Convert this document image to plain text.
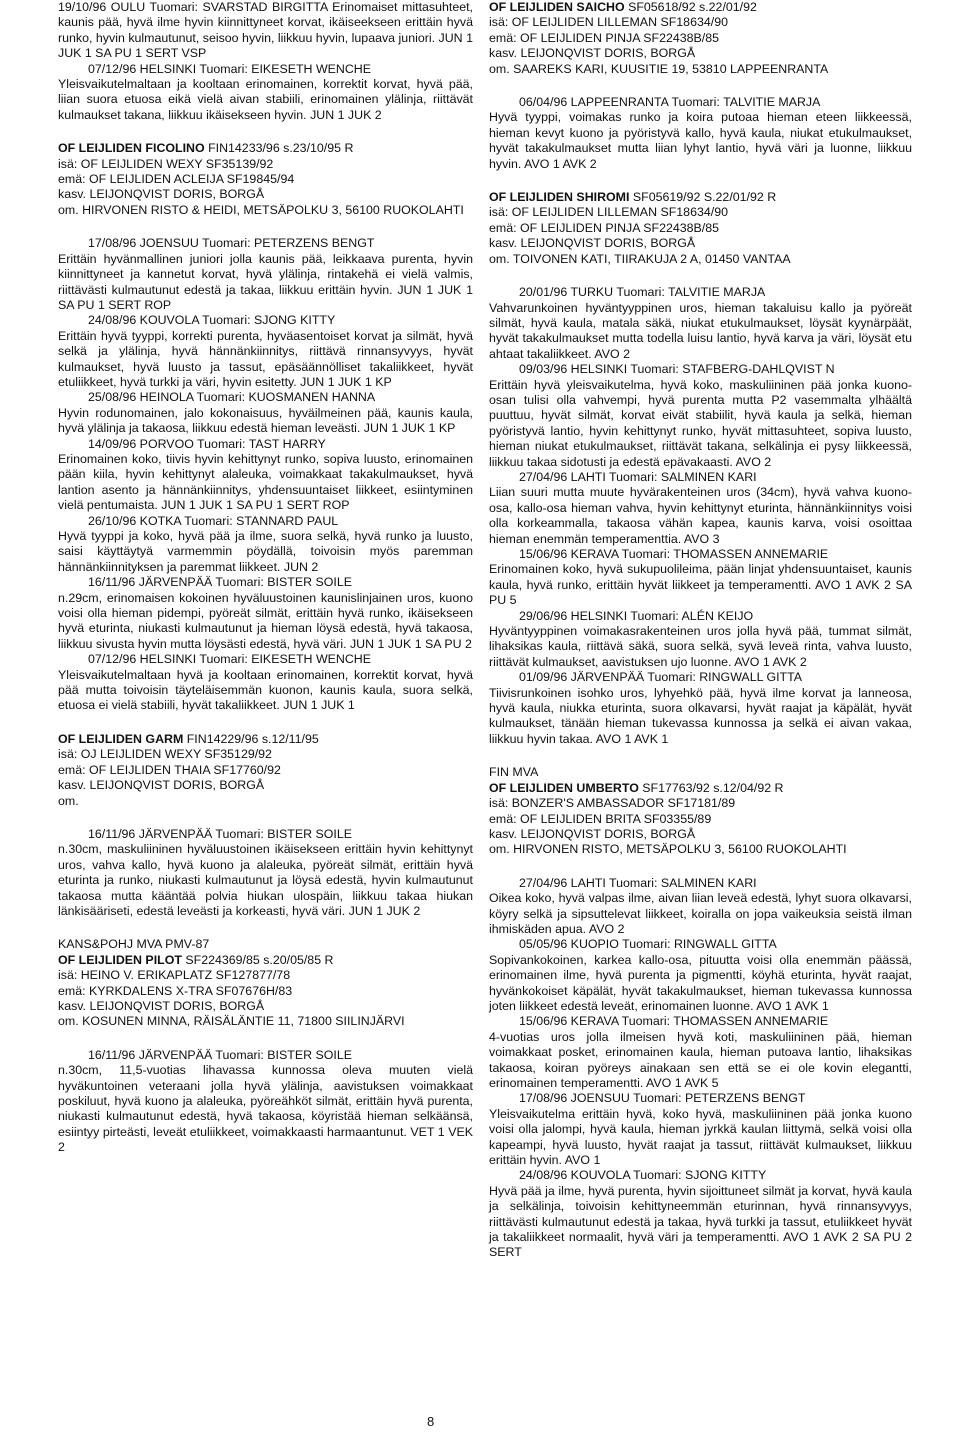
19/10/96 OULU Tuomari: SVARSTAD BIRGITTA Erinomaiset mittasuhteet, kaunis pää, hyvä ilme hyvin kiinnittyneet korvat, ikäiseekseen erittäin hyvä runko, hyvin kulmautunut, seisoo hyvin, liikkuu hyvin, lupaava juniori. JUN 1 JUK 1 SA PU 1 SERT VSP

07/12/96 HELSINKI Tuomari: EIKESETH WENCHE

Yleisvaikutelmaltaan ja kooltaan erinomainen, korrektit korvat, hyvä pää, liian suora etuosa eikä vielä aivan stabiili, erinomainen ylälinja, riittävät kulmaukset takana, liikkuu ikäisekseen hyvin. JUN 1 JUK 2

OF LEIJLIDEN FICOLINO FIN14233/96 s.23/10/95 R
isä: OF LEIJLIDEN WEXY SF35139/92
emä: OF LEIJLIDEN ACLEIJA SF19845/94
kasv. LEIJONQVIST DORIS, BORGÅ
om. HIRVONEN RISTO & HEIDI, METSÄPOLKU 3, 56100 RUOKOLAHTI
17/08/96 JOENSUU Tuomari: PETERZENS BENGT

Erittäin hyvänmallinen juniori jolla kaunis pää, leikkaava purenta, hyvin kiinnittyneet ja kannetut korvat, hyvä ylälinja, rintakehä ei vielä valmis, riittävästi kulmautunut edestä ja takaa, liikkuu erittäin hyvin. JUN 1 JUK 1 SA PU 1 SERT ROP

24/08/96 KOUVOLA Tuomari: SJONG KITTY

Erittäin hyvä tyyppi, korrekti purenta, hyväasentoiset korvat ja silmät, hyvä selkä ja ylälinja, hyvä hännänkiinnitys, riittävä rinnansyvyys, hyvät kulmaukset, hyvä luusto ja tassut, epäsäännölliset takaliikkeet, hyvät etuliikkeet, hyvä turkki ja väri, hyvin esitetty. JUN 1 JUK 1 KP

25/08/96 HEINOLA Tuomari: KUOSMANEN HANNA

Hyvin rodunomainen, jalo kokonaisuus, hyväilmeinen pää, kaunis kaula, hyvä ylälinja ja takaosa, liikkuu edestä hieman leveästi. JUN 1 JUK 1 KP

14/09/96 PORVOO Tuomari: TAST HARRY

Erinomainen koko, tiivis hyvin kehittynyt runko, sopiva luusto, erinomainen pään kiila, hyvin kehittynyt alaleuka, voimakkaat takakulmaukset, hyvä lantion asento ja hännänkiinnitys, yhdensuuntaiset liikkeet, esiintyminen vielä pentumaista. JUN 1 JUK 1 SA PU 1 SERT ROP

26/10/96 KOTKA Tuomari: STANNARD PAUL

Hyvä tyyppi ja koko, hyvä pää ja ilme, suora selkä, hyvä runko ja luusto, saisi käyttäytyä varmemmin pöydällä, toivoisin myös paremman hännänkiinnityksen ja paremmat liikkeet. JUN 2

16/11/96 JÄRVENPÄÄ Tuomari: BISTER SOILE

n.29cm, erinomaisen kokoinen hyväluustoinen kaunislinjainen uros, kuono voisi olla hieman pidempi, pyöreät silmät, erittäin hyvä runko, ikäisekseen hyvä eturinta, niukasti kulmautunut ja hieman löysä edestä, hyvä takaosa, liikkuu sivusta hyvin mutta löysästi edestä, hyvä väri. JUN 1 JUK 1 SA PU 2

07/12/96 HELSINKI Tuomari: EIKESETH WENCHE

Yleisvaikutelmaltaan hyvä ja kooltaan erinomainen, korrektit korvat, hyvä pää mutta toivoisin täyteläisemmän kuonon, kaunis kaula, suora selkä, etuosa ei vielä stabiili, hyvät takaliikkeet. JUN 1 JUK 1

OF LEIJLIDEN GARM FIN14229/96 s.12/11/95
isä: OJ LEIJLIDEN WEXY SF35129/92
emä: OF LEIJLIDEN THAIA SF17760/92
kasv. LEIJONQVIST DORIS, BORGÅ
om.
16/11/96 JÄRVENPÄÄ Tuomari: BISTER SOILE

n.30cm, maskuliininen hyväluustoinen ikäisekseen erittäin hyvin kehittynyt uros, vahva kallo, hyvä kuono ja alaleuka, pyöreät silmät, erittäin hyvä eturinta ja runko, niukasti kulmautunut ja löysä edestä, hyvin kulmautunut takaosa mutta kääntää polvia hiukan ulospäin, liikkuu takaa hiukan länkisääriseti, edestä leveästi ja korkeasti, hyvä väri. JUN 1 JUK 2

KANS&POHJ MVA PMV-87
OF LEIJLIDEN PILOT SF224369/85 s.20/05/85 R
isä: HEINO V. ERIKAPLATZ SF127877/78
emä: KYRKDALENS X-TRA SF07676H/83
kasv. LEIJONQVIST DORIS, BORGÅ
om. KOSUNEN MINNA, RÄISÄLÄNTIE 11, 71800 SIILINJÄRVI
16/11/96 JÄRVENPÄÄ Tuomari: BISTER SOILE

n.30cm, 11,5-vuotias lihavassa kunnossa oleva muuten vielä hyväkuntoinen veteraani jolla hyvä ylälinja, aavistuksen voimakkaat poskiluut, hyvä kuono ja alaleuka, pyöreähköt silmät, erittäin hyvä purenta, niukasti kulmautunut edestä, hyvä takaosa, köyristää hieman selkäänsä, esiintyy pirteästi, leveät etuliikkeet, voimakkaasti harmaantunut. VET 1 VEK 2

OF LEIJLIDEN SAICHO SF05618/92 s.22/01/92
isä: OF LEIJLIDEN LILLEMAN SF18634/90
emä: OF LEIJLIDEN PINJA SF22438B/85
kasv. LEIJONQVIST DORIS, BORGÅ
om. SAAREKS KARI, KUUSITIE 19, 53810 LAPPEENRANTA
06/04/96 LAPPEENRANTA Tuomari: TALVITIE MARJA

Hyvä tyyppi, voimakas runko ja koira putoaa hieman eteen liikkeessä, hieman kevyt kuono ja pyöristyvä kallo, hyvä kaula, niukat etukulmaukset, hyvät takakulmaukset mutta liian lyhyt lantio, hyvä väri ja luonne, liikkuu hyvin. AVO 1 AVK 2

OF LEIJLIDEN SHIROMI SF05619/92 S.22/01/92 R
isä: OF LEIJLIDEN LILLEMAN SF18634/90
emä: OF LEIJLIDEN PINJA SF22438B/85
kasv. LEIJONQVIST DORIS, BORGÅ
om. TOIVONEN KATI, TIIRAKUJA 2 A, 01450 VANTAA
20/01/96 TURKU Tuomari: TALVITIE MARJA

Vahvarunkoinen hyväntyyppinen uros, hieman takaluisu kallo ja pyöreät silmät, hyvä kaula, matala säkä, niukat etukulmaukset, löysät kyynärpäät, hyvät takakulmaukset mutta todella luisu lantio, hyvä karva ja väri, löysät etu ahtaat takaliikkeet. AVO 2

09/03/96 HELSINKI Tuomari: STAFBERG-DAHLQVIST N

Erittäin hyvä yleisvaikutelma, hyvä koko, maskuliininen pää jonka kuono-osan tulisi olla vahvempi, hyvä purenta mutta P2 vasemmalta ylhäältä puuttuu, hyvät silmät, korvat eivät stabiilit, hyvä kaula ja selkä, hieman pyöristyvä lantio, hyvin kehittynyt runko, hyvät mittasuhteet, sopiva luusto, hieman niukat etukulmaukset, riittävät takana, selkälinja ei pysy liikkeessä, liikkuu takaa sidotusti ja edestä epävakaasti. AVO 2

27/04/96 LAHTI Tuomari: SALMINEN KARI

Liian suuri mutta muute hyvärakenteinen uros (34cm), hyvä vahva kuono-osa, kallo-osa hieman vahva, hyvin kehittynyt eturinta, hännänkiinnitys voisi olla korkeammalla, takaosa vähän kapea, kaunis karva, voisi osoittaa hieman enemmän temperamenttia. AVO 3

15/06/96 KERAVA Tuomari: THOMASSEN ANNEMARIE

Erinomainen koko, hyvä sukupuolileima, pään linjat yhdensuuntaiset, kaunis kaula, hyvä runko, erittäin hyvät liikkeet ja temperamentti. AVO 1 AVK 2 SA PU 5

29/06/96 HELSINKI Tuomari: ALÉN KEIJO

Hyväntyyppinen voimakasrakenteinen uros jolla hyvä pää, tummat silmät, lihaksikas kaula, riittävä säkä, suora selkä, syvä leveä rinta, vahva luusto, riittävät kulmaukset, aavistuksen ujo luonne. AVO 1 AVK 2

01/09/96 JÄRVENPÄÄ Tuomari: RINGWALL GITTA

Tiivisrunkoinen isohko uros, lyhyehkö pää, hyvä ilme korvat ja lanneosa, hyvä kaula, niukka eturinta, suora olkavarsi, hyvät raajat ja käpälät, hyvät kulmaukset, tänään hieman tukevassa kunnossa ja selkä ei aivan vakaa, liikkuu hyvin takaa. AVO 1 AVK 1

FIN MVA
OF LEIJLIDEN UMBERTO SF17763/92 s.12/04/92 R
isä: BONZER'S AMBASSADOR SF17181/89
emä: OF LEIJLIDEN BRITA SF03355/89
kasv. LEIJONQVIST DORIS, BORGÅ
om. HIRVONEN RISTO, METSÄPOLKU 3, 56100 RUOKOLAHTI
27/04/96 LAHTI Tuomari: SALMINEN KARI

Oikea koko, hyvä valpas ilme, aivan liian leveä edestä, lyhyt suora olkavarsi, köyry selkä ja sipsuttelevat liikkeet, koiralla on jopa vaikeuksia seistä ilman ihmiskäden apua. AVO 2

05/05/96 KUOPIO Tuomari: RINGWALL GITTA

Sopivankokoinen, karkea kallo-osa, pituutta voisi olla enemmän päässä, erinomainen ilme, hyvä purenta ja pigmentti, köyhä eturinta, hyvät raajat, hyvänkokoiset käpälät, hyvät takakulmaukset, hieman tukevassa kunnossa joten liikkeet edestä leveät, erinomainen luonne. AVO 1 AVK 1

15/06/96 KERAVA Tuomari: THOMASSEN ANNEMARIE

4-vuotias uros jolla ilmeisen hyvä koti, maskuliininen pää, hieman voimakkaat posket, erinomainen kaula, hieman putoava lantio, lihaksikas takaosa, koiran pyöreys ainakaan sen että se ei ole kovin elegantti, erinomainen temperamentti. AVO 1 AVK 5

17/08/96 JOENSUU Tuomari: PETERZENS BENGT

Yleisvaikutelma erittäin hyvä, koko hyvä, maskuliininen pää jonka kuono voisi olla jalompi, hyvä kaula, hieman jyrkkä kaulan liittymä, selkä voisi olla kapeampi, hyvä luusto, hyvät raajat ja tassut, riittävät kulmaukset, liikkuu erittäin hyvin. AVO 1

24/08/96 KOUVOLA Tuomari: SJONG KITTY

Hyvä pää ja ilme, hyvä purenta, hyvin sijoittuneet silmät ja korvat, hyvä kaula ja selkälinja, toivoisin kehittyneemmän eturinnan, hyvä rinnansyvyys, riittävästi kulmautunut edestä ja takaa, hyvä turkki ja tassut, etuliikkeet hyvät ja takaliikkeet normaalit, hyvä väri ja temperamentti. AVO 1 AVK 2 SA PU 2 SERT

8
